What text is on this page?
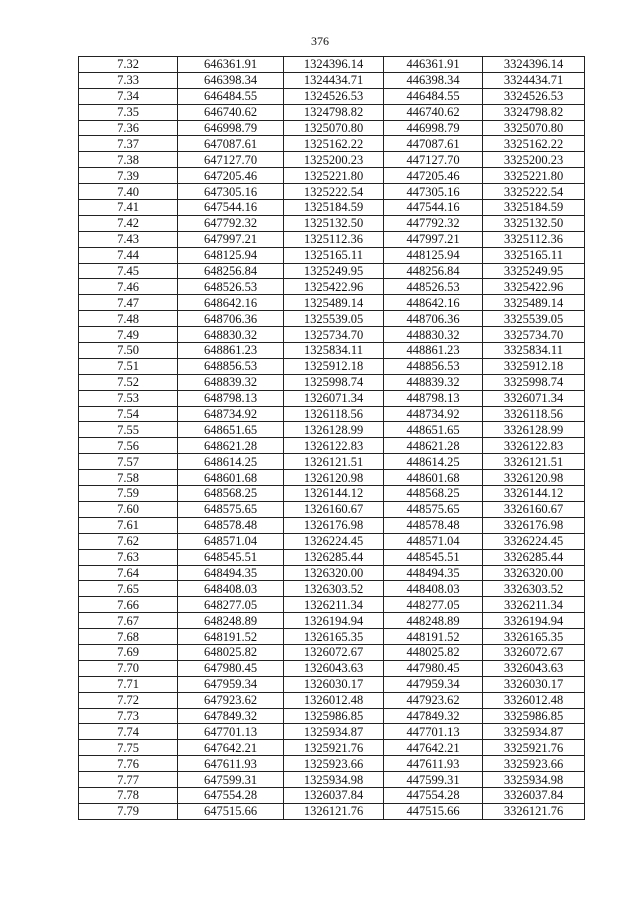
376
7.32	646361.91	1324396.14	446361.91	3324396.14
7.33	646398.34	1324434.71	446398.34	3324434.71
7.34	646484.55	1324526.53	446484.55	3324526.53
7.35	646740.62	1324798.82	446740.62	3324798.82
7.36	646998.79	1325070.80	446998.79	3325070.80
7.37	647087.61	1325162.22	447087.61	3325162.22
7.38	647127.70	1325200.23	447127.70	3325200.23
7.39	647205.46	1325221.80	447205.46	3325221.80
7.40	647305.16	1325222.54	447305.16	3325222.54
7.41	647544.16	1325184.59	447544.16	3325184.59
7.42	647792.32	1325132.50	447792.32	3325132.50
7.43	647997.21	1325112.36	447997.21	3325112.36
7.44	648125.94	1325165.11	448125.94	3325165.11
7.45	648256.84	1325249.95	448256.84	3325249.95
7.46	648526.53	1325422.96	448526.53	3325422.96
7.47	648642.16	1325489.14	448642.16	3325489.14
7.48	648706.36	1325539.05	448706.36	3325539.05
7.49	648830.32	1325734.70	448830.32	3325734.70
7.50	648861.23	1325834.11	448861.23	3325834.11
7.51	648856.53	1325912.18	448856.53	3325912.18
7.52	648839.32	1325998.74	448839.32	3325998.74
7.53	648798.13	1326071.34	448798.13	3326071.34
7.54	648734.92	1326118.56	448734.92	3326118.56
7.55	648651.65	1326128.99	448651.65	3326128.99
7.56	648621.28	1326122.83	448621.28	3326122.83
7.57	648614.25	1326121.51	448614.25	3326121.51
7.58	648601.68	1326120.98	448601.68	3326120.98
7.59	648568.25	1326144.12	448568.25	3326144.12
7.60	648575.65	1326160.67	448575.65	3326160.67
7.61	648578.48	1326176.98	448578.48	3326176.98
7.62	648571.04	1326224.45	448571.04	3326224.45
7.63	648545.51	1326285.44	448545.51	3326285.44
7.64	648494.35	1326320.00	448494.35	3326320.00
7.65	648408.03	1326303.52	448408.03	3326303.52
7.66	648277.05	1326211.34	448277.05	3326211.34
7.67	648248.89	1326194.94	448248.89	3326194.94
7.68	648191.52	1326165.35	448191.52	3326165.35
7.69	648025.82	1326072.67	448025.82	3326072.67
7.70	647980.45	1326043.63	447980.45	3326043.63
7.71	647959.34	1326030.17	447959.34	3326030.17
7.72	647923.62	1326012.48	447923.62	3326012.48
7.73	647849.32	1325986.85	447849.32	3325986.85
7.74	647701.13	1325934.87	447701.13	3325934.87
7.75	647642.21	1325921.76	447642.21	3325921.76
7.76	647611.93	1325923.66	447611.93	3325923.66
7.77	647599.31	1325934.98	447599.31	3325934.98
7.78	647554.28	1326037.84	447554.28	3326037.84
7.79	647515.66	1326121.76	447515.66	3326121.76
